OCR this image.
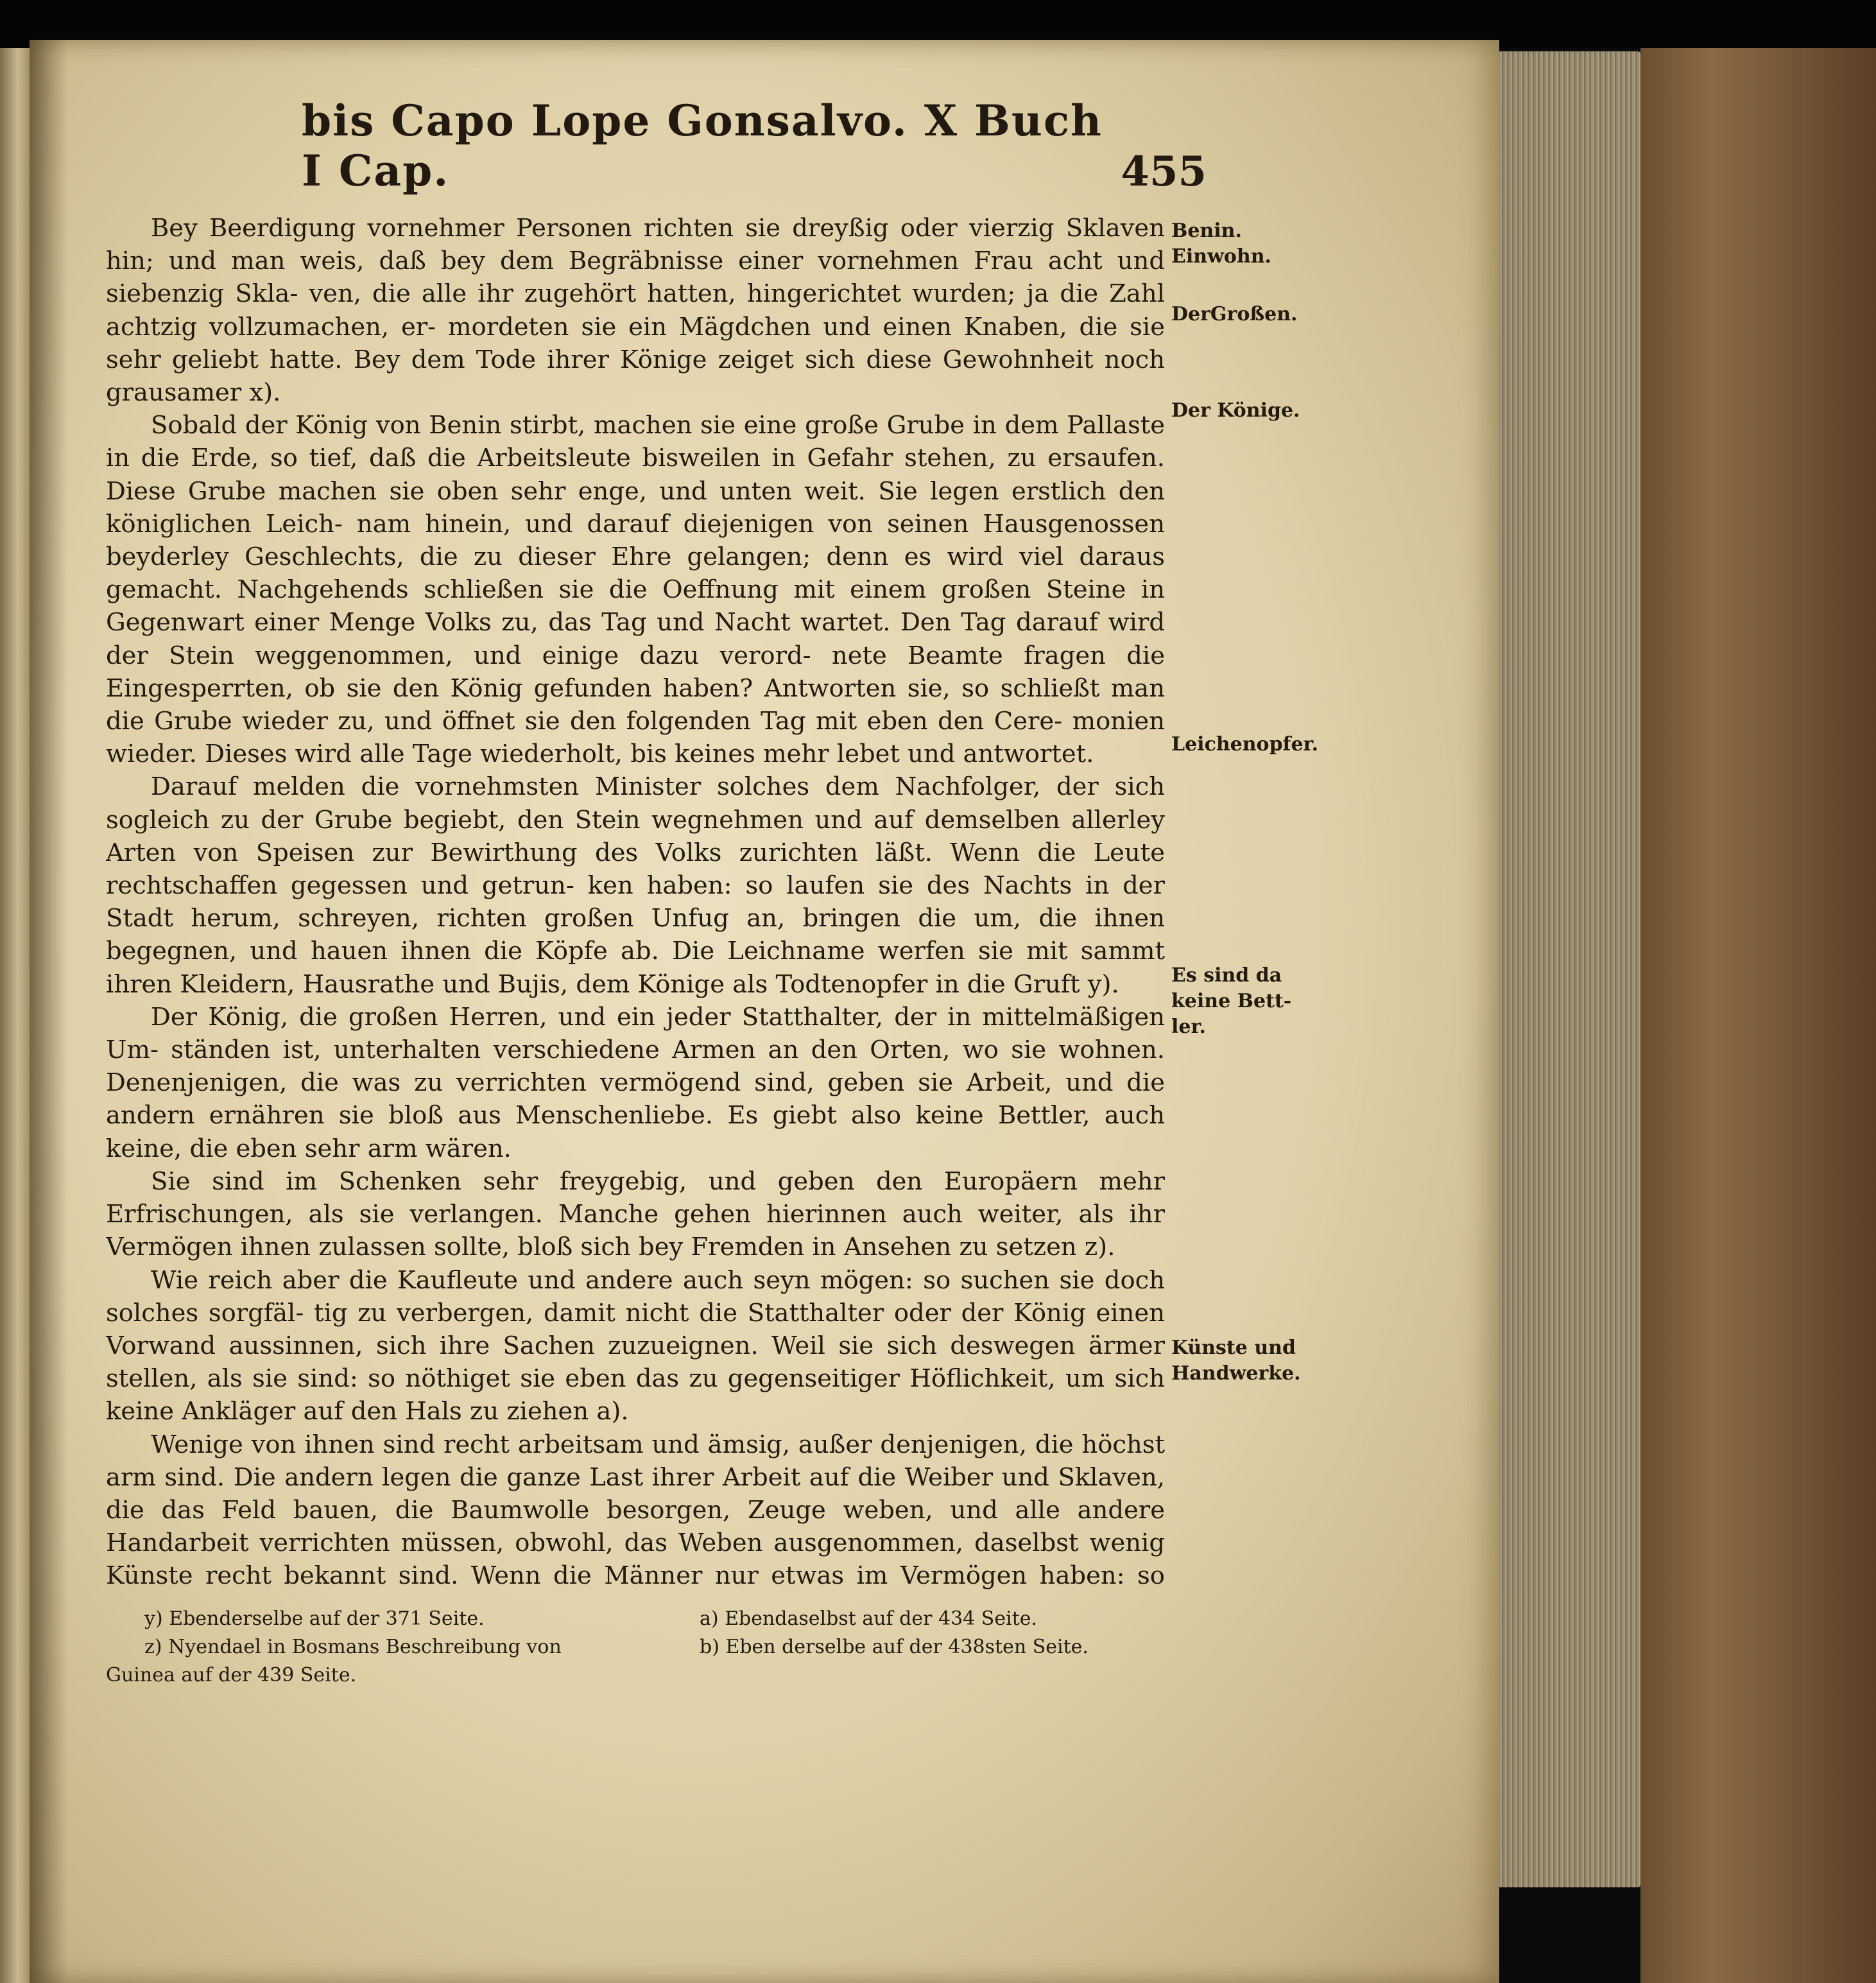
bis Capo Lope Gonsalvo. X Buch I Cap.	455

Bey Beerdigung vornehmer Personen richten sie dreyßig oder vierzig Sklaven hin; und man weis, daß bey dem Begräbnisse einer vornehmen Frau acht und siebenzig Skla- ven, die alle ihr zugehört hatten, hingerichtet wurden; ja die Zahl achtzig vollzumachen, er- mordeten sie ein Mägdchen und einen Knaben, die sie sehr geliebt hatte. Bey dem Tode ihrer Könige zeiget sich diese Gewohnheit noch grausamer x).

Sobald der König von Benin stirbt, machen sie eine große Grube in dem Pallaste in die Erde, so tief, daß die Arbeitsleute bisweilen in Gefahr stehen, zu ersaufen. Diese Grube machen sie oben sehr enge, und unten weit. Sie legen erstlich den königlichen Leich- nam hinein, und darauf diejenigen von seinen Hausgenossen beyderley Geschlechts, die zu dieser Ehre gelangen; denn es wird viel daraus gemacht. Nachgehends schließen sie die Oeffnung mit einem großen Steine in Gegenwart einer Menge Volks zu, das Tag und Nacht wartet. Den Tag darauf wird der Stein weggenommen, und einige dazu verord- nete Beamte fragen die Eingesperrten, ob sie den König gefunden haben? Antworten sie, so schließt man die Grube wieder zu, und öffnet sie den folgenden Tag mit eben den Cere- monien wieder. Dieses wird alle Tage wiederholt, bis keines mehr lebet und antwortet.

Darauf melden die vornehmsten Minister solches dem Nachfolger, der sich sogleich zu der Grube begiebt, den Stein wegnehmen und auf demselben allerley Arten von Speisen zur Bewirthung des Volks zurichten läßt. Wenn die Leute rechtschaffen gegessen und getrun- ken haben: so laufen sie des Nachts in der Stadt herum, schreyen, richten großen Unfug an, bringen die um, die ihnen begegnen, und hauen ihnen die Köpfe ab. Die Leichname werfen sie mit sammt ihren Kleidern, Hausrathe und Bujis, dem Könige als Todtenopfer in die Gruft y).

Der König, die großen Herren, und ein jeder Statthalter, der in mittelmäßigen Um- ständen ist, unterhalten verschiedene Armen an den Orten, wo sie wohnen. Denenjenigen, die was zu verrichten vermögend sind, geben sie Arbeit, und die andern ernähren sie bloß aus Menschenliebe. Es giebt also keine Bettler, auch keine, die eben sehr arm wären.

Sie sind im Schenken sehr freygebig, und geben den Europäern mehr Erfrischungen, als sie verlangen. Manche gehen hierinnen auch weiter, als ihr Vermögen ihnen zulassen sollte, bloß sich bey Fremden in Ansehen zu setzen z).

Wie reich aber die Kaufleute und andere auch seyn mögen: so suchen sie doch solches sorgfäl- tig zu verbergen, damit nicht die Statthalter oder der König einen Vorwand aussinnen, sich ihre Sachen zuzueignen. Weil sie sich deswegen ärmer stellen, als sie sind: so nöthiget sie eben das zu gegenseitiger Höflichkeit, um sich keine Ankläger auf den Hals zu ziehen a).

Wenige von ihnen sind recht arbeitsam und ämsig, außer denjenigen, die höchst arm sind. Die andern legen die ganze Last ihrer Arbeit auf die Weiber und Sklaven, die das Feld bauen, die Baumwolle besorgen, Zeuge weben, und alle andere Handarbeit verrichten müssen, obwohl, das Weben ausgenommen, daselbst wenig Künste recht bekannt sind. Wenn die Männer nur etwas im Vermögen haben: so

Benin. Einwohn.
DerGroßen.
Der Könige.
Leichenopfer.
Es sind da keine Bett- ler.
Künste und Handwerke.

y) Ebenderselbe auf der 371 Seite.

z) Nyendael in Bosmans Beschreibung von

Guinea auf der 439 Seite.

a) Ebendaselbst auf der 434 Seite.

b) Eben derselbe auf der 438sten Seite.
